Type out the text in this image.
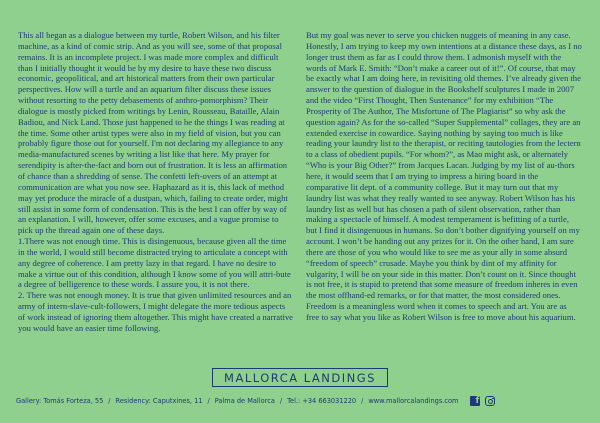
This all began as a dialogue between my turtle, Robert Wilson, and his filter machine, as a kind of comic strip. And as you will see, some of that proposal remains. It is an incomplete project. I was made more complex and difficult than I initially thought it would be by my desire to have these two discuss economic, geopolitical, and art historical matters from their own particular perspectives. How will a turtle and an aquarium filter discuss these issues without resorting to the petty debasements of anthro-pomorphism? Their dialogue is mostly picked from writings by Lenin, Rousseau, Bataille, Alain Badiou, and Nick Land. Those just happened to be the things I was reading at the time. Some other artist types were also in my field of vision, but you can probably figure those out for yourself. I'm not declaring my allegiance to any media-manufactured scenes by writing a list like that here. My prayer for serendipity is after-the-fact and born out of frustration. It is less an affirmation of chance than a shredding of sense. The confetti left-overs of an attempt at communication are what you now see. Haphazard as it is, this lack of method may yet produce the miracle of a dustpan, which, failing to create order, might still assist in some form of condensation. This is the best I can offer by way of an explanation. I will, however, offer some excuses, and a vague promise to pick up the thread again one of these days.

1.There was not enough time. This is disingenuous, because given all the time in the world, I would still become distracted trying to articulate a concept with any degree of coherence. I am pretty lazy in that regard. I have no desire to make a virtue out of this condition, although I know some of you will attri-bute a degree of belligerence to these words. I assure you, it is not there.

2. There was not enough money. It is true that given unlimited resources and an army of intern-slave-cult-followers, I might delegate the more tedious aspects of work instead of ignoring them altogether. This might have created a narrative you would have an easier time following.

But my goal was never to serve you chicken nuggets of meaning in any case. Honestly, I am trying to keep my own intentions at a distance these days, as I no longer trust them as far as I could throw them. I admonish myself with the words of Mark E. Smith: “Don’t make a career out of it!”. Of course, that may be exactly what I am doing here, in revisiting old themes. I’ve already given the answer to the question of dialogue in the Bookshelf sculptures I made in 2007 and the video “First Thought, Then Sustenance” for my exhibition “The Prosperity of The Author, The Misfortune of The Plagiarist” so why ask the question again? As for the so-called “Super Supplemental” collages, they are an extended exercise in cowardice. Saying nothing by saying too much is like reading your laundry list to the therapist, or reciting tautologies from the lectern to a class of obedient pupils. “For whom?”, as Mao might ask, or alternately “Who is your Big Other?” from Jacques Lacan. Judging by my list of au-thors here, it would seem that I am trying to impress a hiring board in the comparative lit dept. of a community college. But it may turn out that my laundry list was what they really wanted to see anyway. Robert Wilson has his laundry list as well but has chosen a path of silent observation, rather than making a spectacle of himself. A modest temperament is befitting of a turtle, but I find it disingenuous in humans. So don’t bother dignifying yourself on my account. I won’t be handing out any prizes for it. On the other hand, I am sure there are those of you who would like to see me as your ally in some absurd “freedom of speech” crusade. Maybe you think by dint of my affinity for vulgarity, I will be on your side in this matter. Don’t count on it. Since thought is not free, it is stupid to pretend that some measure of freedom inheres in even the most offhand-ed remarks, or for that matter, the most considered ones. Freedom is a meaningless word when it comes to speech and art. You are as free to say what you like as Robert Wilson is free to move about his aquarium.

MALLORCA LANDINGS
Gallery: Tomás Forteza, 55 / Residency: Caputxines, 11 / Palma de Mallorca / Tel.: +34 663031220 / www.mallorcalandings.com	f
